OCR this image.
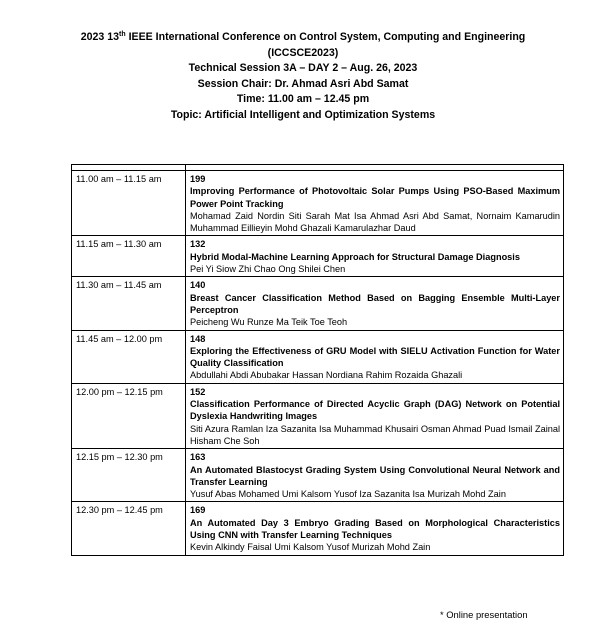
2023 13th IEEE International Conference on Control System, Computing and Engineering
(ICCSCE2023)
Technical Session 3A – DAY 2 – Aug. 26, 2023
Session Chair: Dr. Ahmad Asri Abd Samat
Time: 11.00 am – 12.45 pm
Topic: Artificial Intelligent and Optimization Systems

11.00 am – 11.15 am	199
Improving Performance of Photovoltaic Solar Pumps Using PSO-Based Maximum Power Point Tracking
Mohamad Zaid Nordin Siti Sarah Mat Isa Ahmad Asri Abd Samat, Nornaim Kamarudin Muhammad Eillieyin Mohd Ghazali Kamarulazhar Daud

11.15 am – 11.30 am	132
Hybrid Modal-Machine Learning Approach for Structural Damage Diagnosis
Pei Yi Siow Zhi Chao Ong Shilei Chen

11.30 am – 11.45 am	140
Breast Cancer Classification Method Based on Bagging Ensemble Multi-Layer Perceptron
Peicheng Wu Runze Ma Teik Toe Teoh

11.45 am – 12.00 pm	148
Exploring the Effectiveness of GRU Model with SIELU Activation Function for Water Quality Classification
Abdullahi Abdi Abubakar Hassan Nordiana Rahim Rozaida Ghazali

12.00 pm – 12.15 pm	152
Classification Performance of Directed Acyclic Graph (DAG) Network on Potential Dyslexia Handwriting Images
Siti Azura Ramlan Iza Sazanita Isa Muhammad Khusairi Osman Ahmad Puad Ismail Zainal Hisham Che Soh

12.15 pm – 12.30 pm	163
An Automated Blastocyst Grading System Using Convolutional Neural Network and Transfer Learning
Yusuf Abas Mohamed Umi Kalsom Yusof Iza Sazanita Isa Murizah Mohd Zain

12.30 pm – 12.45 pm	169
An Automated Day 3 Embryo Grading Based on Morphological Characteristics Using CNN with Transfer Learning Techniques
Kevin Alkindy Faisal Umi Kalsom Yusof Murizah Mohd Zain
* Online presentation
